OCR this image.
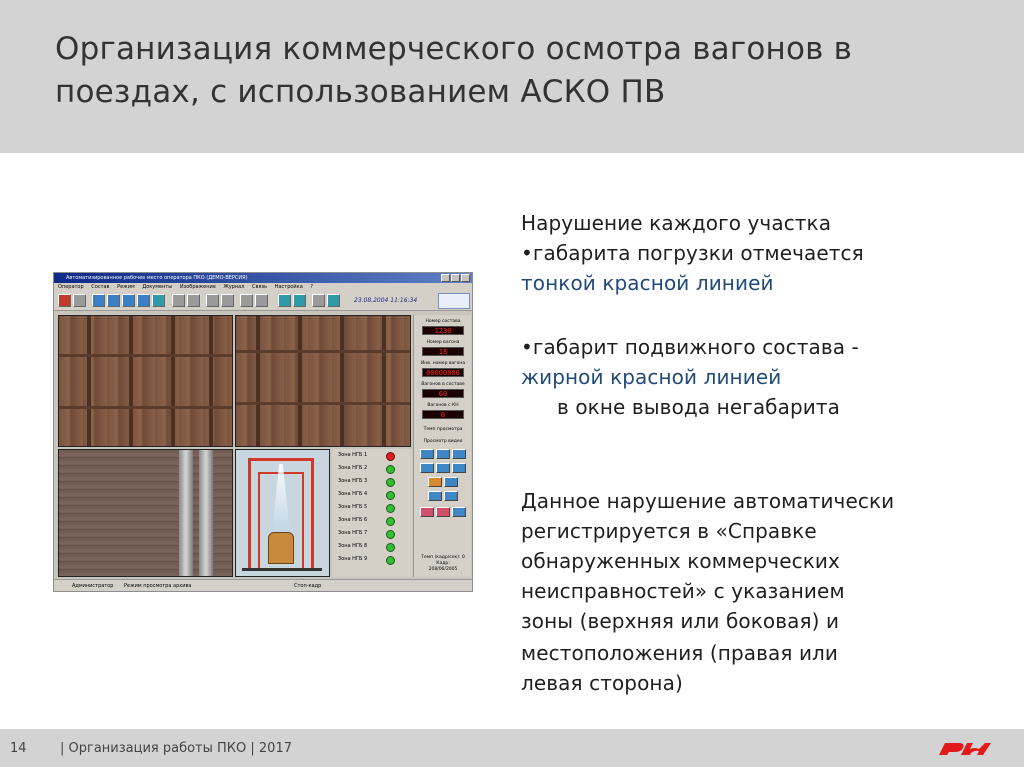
Организация коммерческого осмотра вагонов в
поездах, с использованием АСКО ПВ
Автоматизированное рабочее место оператора ПКО (ДЕМО-ВЕРСИЯ)
Оператор Состав Режим Документы Изображение Журнал Связь Настройка ?
23.08.2004 11:16:34
Зона НГБ 1
Зона НГБ 2
Зона НГБ 3
Зона НГБ 4
Зона НГБ 5
Зона НГБ 6
Зона НГБ 7
Зона НГБ 8
Зона НГБ 9
Номер состава
1230
Номер вагона
18
Инв. номер вагона
00000000
Вагонов в составе
60
Вагонов с КН
0
Темп просмотра
Просмотр видео
Темп (кадр/сек): 0
Кадр:
208/06/2005
Администратор Режим просмотра архива	Стоп-кадр
Нарушение каждого участка
•габарита погрузки отмечается
тонкой красной линией
•габарит подвижного состава -
жирной красной линией
в окне вывода негабарита
Данное нарушение автоматически
регистрируется в «Справке
обнаруженных коммерческих
неисправностей» с указанием
зоны (верхняя или боковая) и
местоположения (правая или
левая сторона)
14	| Организация работы ПКО | 2017
